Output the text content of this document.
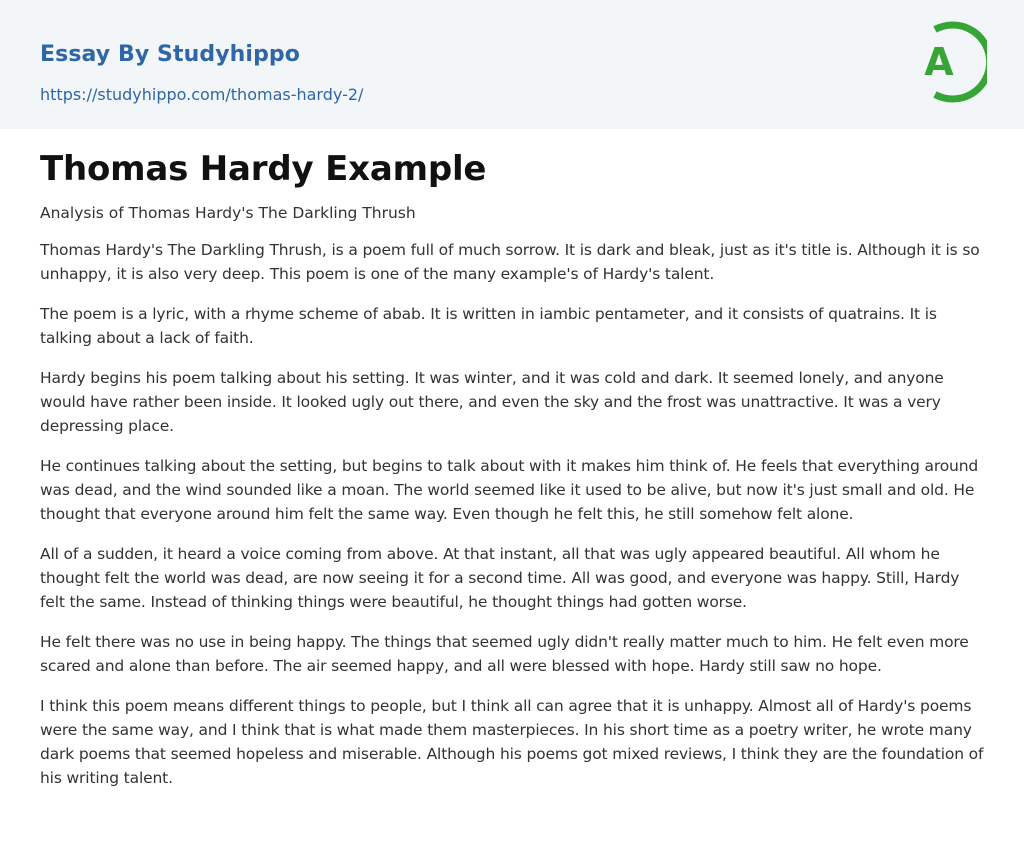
Essay By Studyhippo
https://studyhippo.com/thomas-hardy-2/
A
Thomas Hardy Example

Analysis of Thomas Hardy's The Darkling Thrush

Thomas Hardy's The Darkling Thrush, is a poem full of much sorrow. It is dark and bleak, just as it's title is. Although it is so unhappy, it is also very deep. This poem is one of the many example's of Hardy's talent.

The poem is a lyric, with a rhyme scheme of abab. It is written in iambic pentameter, and it consists of quatrains. It is talking about a lack of faith.

Hardy begins his poem talking about his setting. It was winter, and it was cold and dark. It seemed lonely, and anyone would have rather been inside. It looked ugly out there, and even the sky and the frost was unattractive. It was a very depressing place.

He continues talking about the setting, but begins to talk about with it makes him think of. He feels that everything around was dead, and the wind sounded like a moan. The world seemed like it used to be alive, but now it's just small and old. He thought that everyone around him felt the same way. Even though he felt this, he still somehow felt alone.

All of a sudden, it heard a voice coming from above. At that instant, all that was ugly appeared beautiful. All whom he thought felt the world was dead, are now seeing it for a second time. All was good, and everyone was happy. Still, Hardy felt the same. Instead of thinking things were beautiful, he thought things had gotten worse.

He felt there was no use in being happy. The things that seemed ugly didn't really matter much to him. He felt even more scared and alone than before. The air seemed happy, and all were blessed with hope. Hardy still saw no hope.

I think this poem means different things to people, but I think all can agree that it is unhappy. Almost all of Hardy's poems were the same way, and I think that is what made them masterpieces. In his short time as a poetry writer, he wrote many dark poems that seemed hopeless and miserable. Although his poems got mixed reviews, I think they are the foundation of his writing talent.
